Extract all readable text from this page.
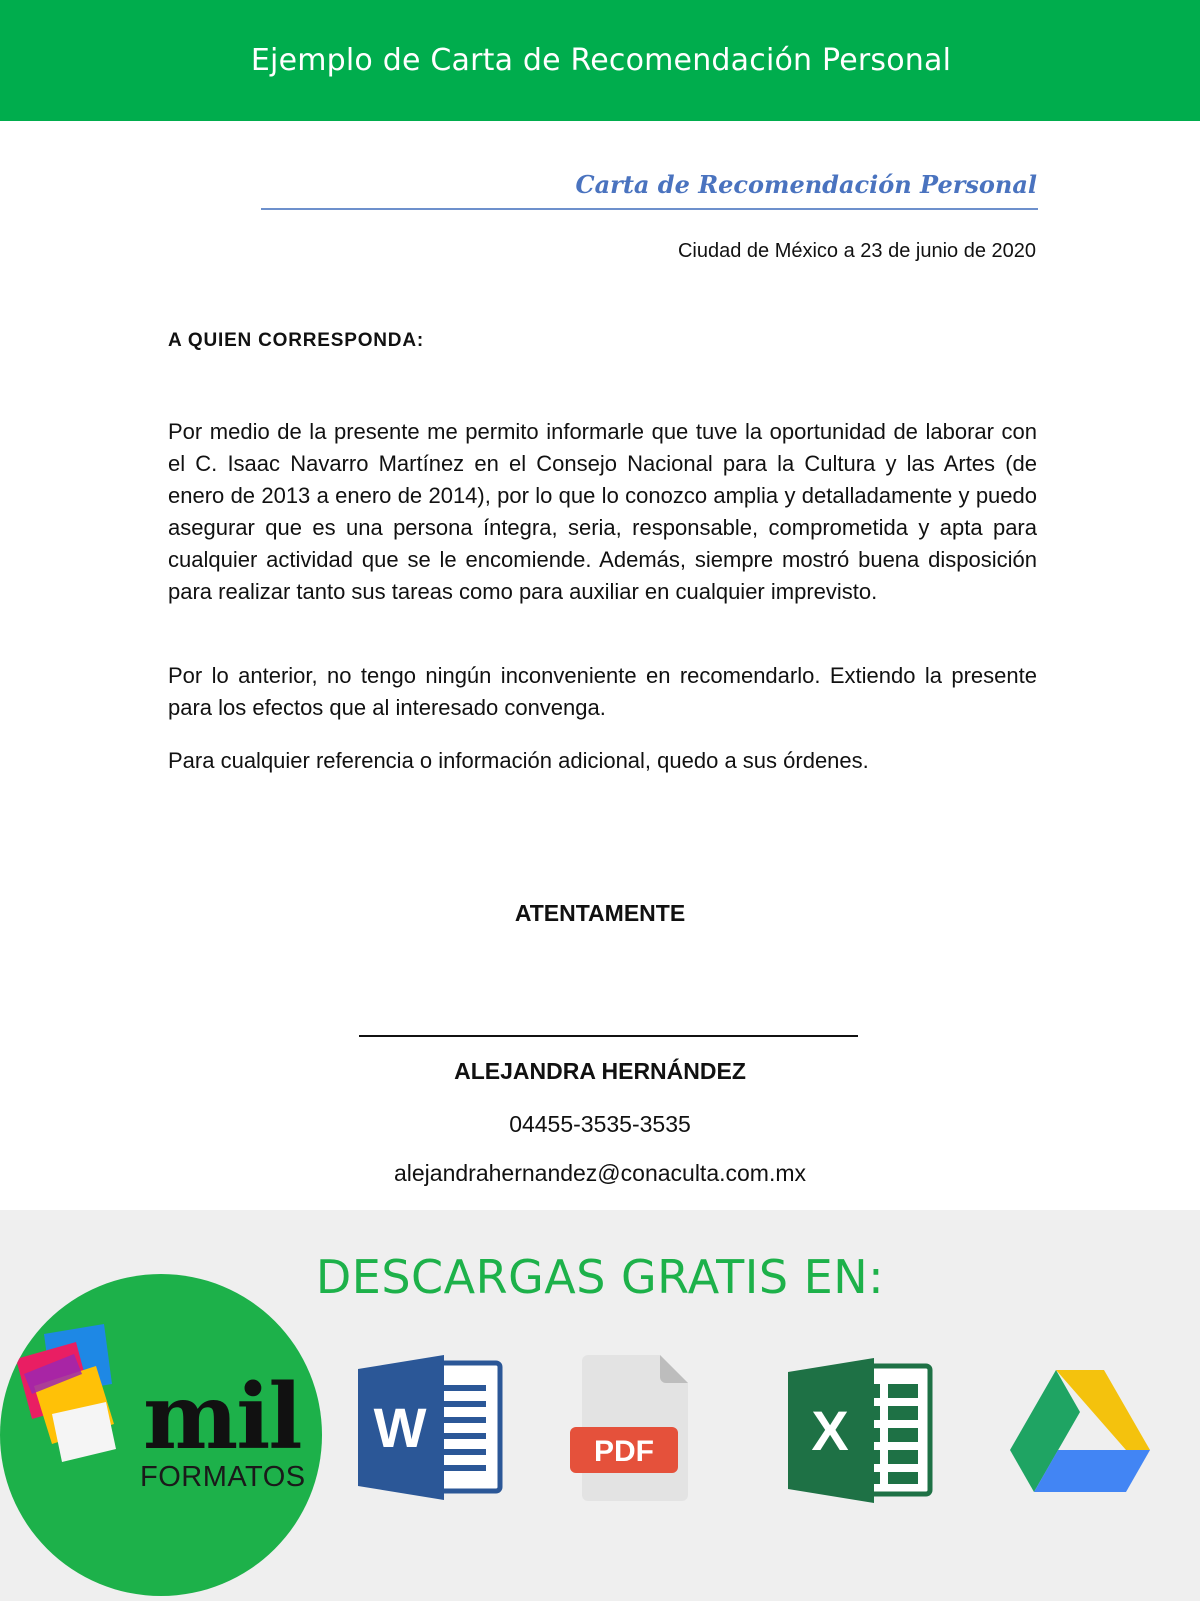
Ejemplo de Carta de Recomendación Personal
Carta de Recomendación Personal
Ciudad de México a 23 de junio de 2020
A QUIEN CORRESPONDA:

Por medio de la presente me permito informarle que tuve la oportunidad de laborar con el C. Isaac Navarro Martínez en el Consejo Nacional para la Cultura y las Artes (de enero de 2013 a enero de 2014), por lo que lo conozco amplia y detalladamente y puedo asegurar que es una persona íntegra, seria, responsable, comprometida y apta para cualquier actividad que se le encomiende. Además, siempre mostró buena disposición para realizar tanto sus tareas como para auxiliar en cualquier imprevisto.

Por lo anterior, no tengo ningún inconveniente en recomendarlo. Extiendo la presente para los efectos que al interesado convenga.

Para cualquier referencia o información adicional, quedo a sus órdenes.

ATENTAMENTE
ALEJANDRA HERNÁNDEZ
04455-3535-3535
alejandrahernandez@conaculta.com.mx
DESCARGAS GRATIS EN:
mil
FORMATOS
W	PDF	X
